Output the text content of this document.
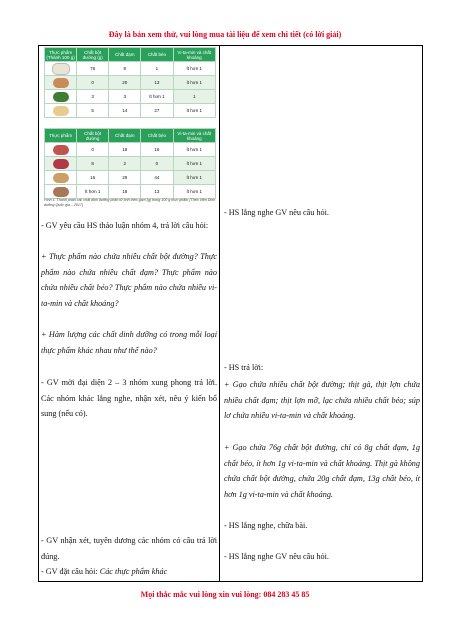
Đây là bản xem thử, vui lòng mua tài liệu để xem chi tiết (có lời giải)
Thực phẩm (Thành 100 g)	Chất bột đường (g)	Chất đạm	Chất béo	Vi-ta-min và chất khoáng
	76	8	1	Ít hơn 1
	0	20	13	Ít hơn 1
	3	3	Ít hơn 1	1
	5	14	27	Ít hơn 1
Thực phẩm	Chất bột đường	Chất đạm	Chất béo	Vi-ta-min và chất khoáng
	0	18	16	Ít hơn 1
	8	2	0	Ít hơn 1
	16	29	44	Ít hơn 1
	Ít hơn 1	18	13	Ít hơn 1
Hình 1. Thành phần các chất dinh dưỡng phân tử tính theo gam (g) trong 100 g thực phẩm (Theo Viện Dinh dưỡng Quốc gia – 2017)
- GV yêu cầu HS thảo luận nhóm 4, trả lời câu hỏi:
+ Thực phẩm nào chứa nhiều chất bột đường? Thực phẩm nào chứa nhiều chất đạm? Thực phẩm nào chứa nhiều chất béo? Thực phẩm nào chứa nhiều vi-ta-min và chất khoáng?
+ Hàm lượng các chất dinh dưỡng có trong mỗi loại thực phẩm khác nhau như thế nào?
- GV mời đại diện 2 – 3 nhóm xung phong trả lời. Các nhóm khác lắng nghe, nhận xét, nêu ý kiến bổ sung (nếu có).
- GV nhận xét, tuyên dương các nhóm có câu trả lời đúng.
- GV đặt câu hỏi: Các thực phẩm khác
- HS lắng nghe GV nêu câu hỏi.
- HS trả lời:
+ Gạo chứa nhiều chất bột đường; thịt gà, thịt lợn chứa nhiều chất đạm; thịt lợn mỡ, lạc chứa nhiều chất béo; súp lơ chứa nhiều vi-ta-min và chất khoáng.
+ Gạo chứa 76g chất bột đường, chỉ có 8g chất đạm, 1g chất béo, ít hơn 1g vi-ta-min và chất khoáng. Thịt gà không chứa chất bột đường, chứa 20g chất đạm, 13g chất béo, ít hơn 1g vi-ta-min và chất khoáng.
- HS lắng nghe, chữa bài.
- HS lắng nghe GV nêu câu hỏi.
Mọi thắc mắc vui lòng xin vui lòng: 084 283 45 85
